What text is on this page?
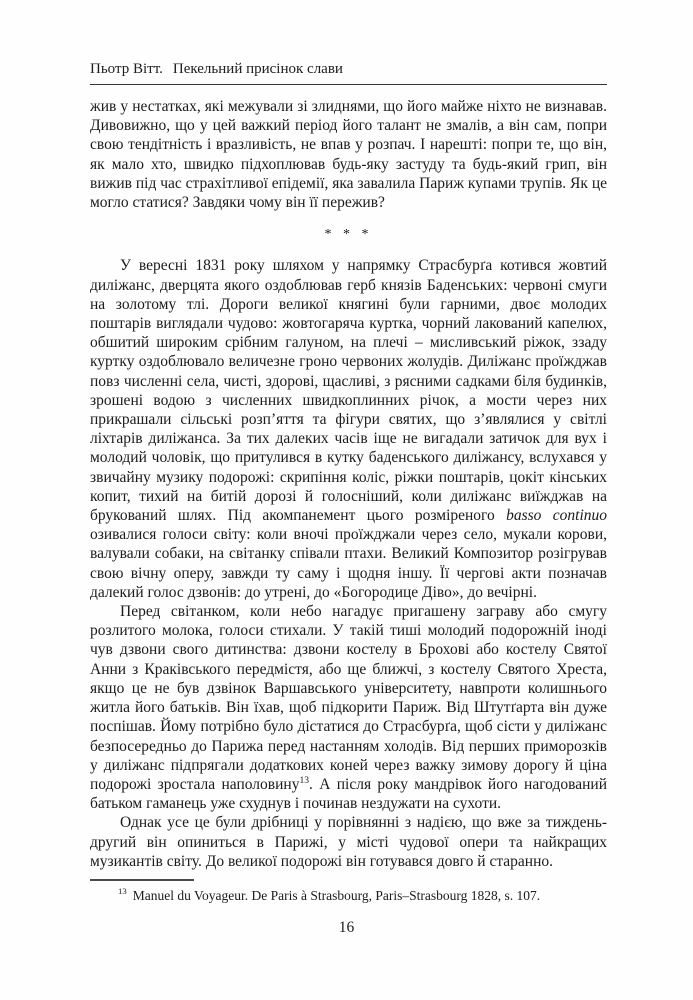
Пьотр Вітт. Пекельний присінок слави

жив у нестатках, які межували зі злиднями, що його майже ніхто не визнавав. Дивовижно, що у цей важкий період його талант не змалів, а він сам, попри свою тендітність і вразливість, не впав у розпач. І нарешті: попри те, що він, як мало хто, швидко підхоплював будь-яку застуду та будь-який грип, він вижив під час страхітливої епідемії, яка завалила Париж купами трупів. Як це могло статися? Завдяки чому він її пережив?

* * *

У вересні 1831 року шляхом у напрямку Страсбурґа котився жовтий диліжанс, дверцята якого оздоблював герб князів Баденських: червоні смуги на золотому тлі. Дороги великої княгині були гарними, двоє молодих поштарів виглядали чудово: жовтогаряча куртка, чорний лакований капелюх, обшитий широким срібним галуном, на плечі – мисливський ріжок, ззаду куртку оздоблювало величезне гроно червоних жолудів. Диліжанс проїжджав повз численні села, чисті, здорові, щасливі, з рясними садками біля будинків, зрошені водою з численних швидкоплинних річок, а мости через них прикрашали сільські розп’яття та фігури святих, що з’являлися у світлі ліхтарів диліжанса. За тих далеких часів іще не вигадали затичок для вух і молодий чоловік, що притулився в кутку баденського диліжансу, вслухався у звичайну музику подорожі: скрипіння коліс, ріжки поштарів, цокіт кінських копит, тихий на битій дорозі й голосніший, коли диліжанс виїжджав на брукований шлях. Під акомпанемент цього розміреного basso continuo озивалися голоси світу: коли вночі проїжджали через село, мукали корови, валували собаки, на світанку співали птахи. Великий Композитор розігрував свою вічну оперу, завжди ту саму і щодня іншу. Її чергові акти позначав далекий голос дзвонів: до утрені, до «Богородице Діво», до вечірні.

Перед світанком, коли небо нагадує пригашену заграву або смугу розлитого молока, голоси стихали. У такій тиші молодий подорожній іноді чув дзвони свого дитинства: дзвони костелу в Брохові або костелу Святої Анни з Краківського передмістя, або ще ближчі, з костелу Святого Хреста, якщо це не був дзвінок Варшавського університету, навпроти колишнього житла його батьків. Він їхав, щоб підкорити Париж. Від Штутґарта він дуже поспішав. Йому потрібно було дістатися до Страсбурґа, щоб сісти у диліжанс безпосередньо до Парижа перед настанням холодів. Від перших приморозків у диліжанс підпрягали додаткових коней через важку зимову дорогу й ціна подорожі зростала наполовину$^{13}$. А після року мандрівок його нагодований батьком гаманець уже схуднув і починав нездужати на сухоти.

Однак усе це були дрібниці у порівнянні з надією, що вже за тиждень-другий він опиниться в Парижі, у місті чудової опери та найкращих музикантів світу. До великої подорожі він готувався довго й старанно.

$^{13}$ Manuel du Voyageur. De Paris à Strasbourg, Paris–Strasbourg 1828, s. 107.

16
